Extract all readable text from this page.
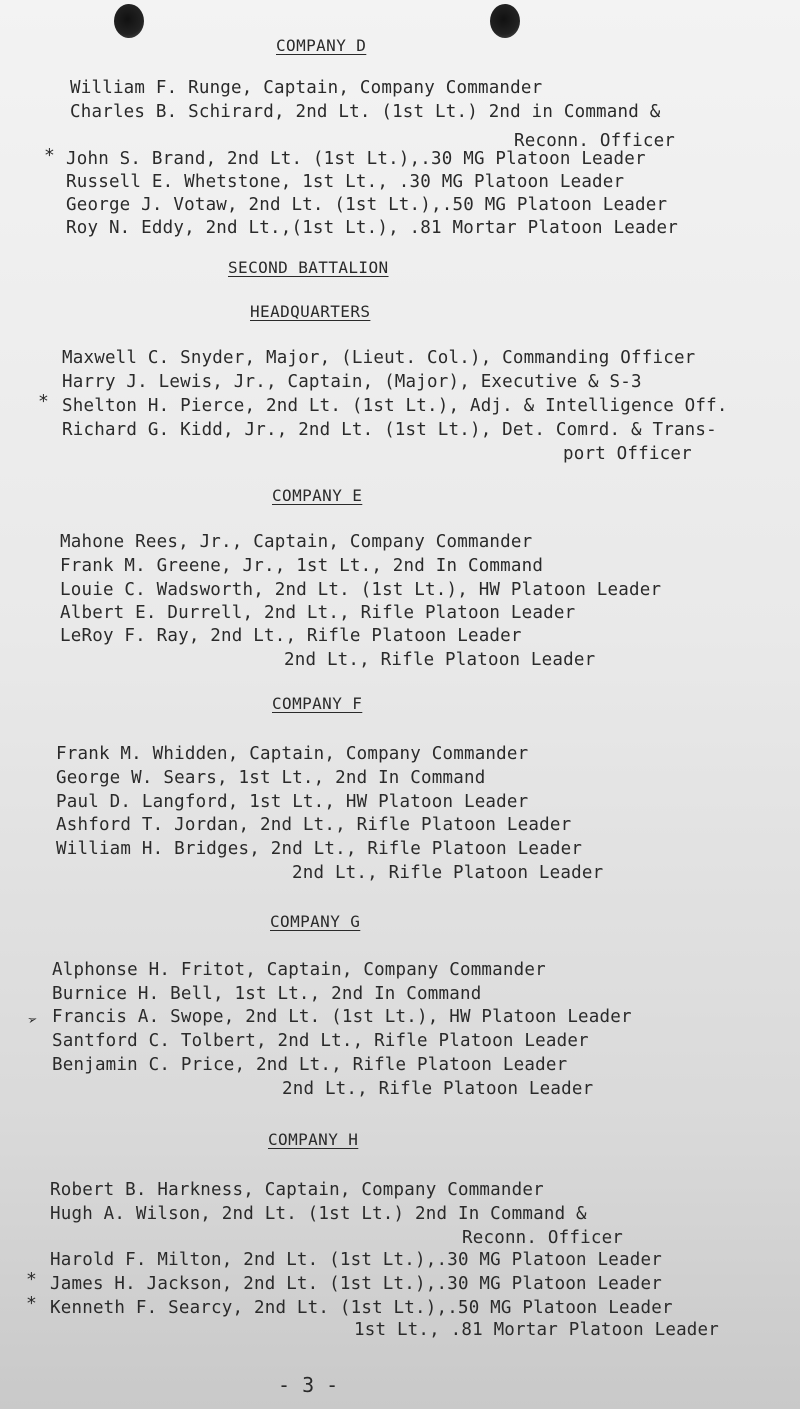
COMPANY D
William F. Runge, Captain, Company Commander
Charles B. Schirard, 2nd Lt. (1st Lt.) 2nd in Command &
Reconn. Officer
* John S. Brand, 2nd Lt. (1st Lt.),.30 MG Platoon Leader
Russell E. Whetstone, 1st Lt., .30 MG Platoon Leader
George J. Votaw, 2nd Lt. (1st Lt.),.50 MG Platoon Leader
Roy N. Eddy, 2nd Lt.,(1st Lt.), .81 Mortar Platoon Leader
SECOND BATTALION
HEADQUARTERS
Maxwell C. Snyder, Major, (Lieut. Col.), Commanding Officer
Harry J. Lewis, Jr., Captain, (Major), Executive & S-3
* Shelton H. Pierce, 2nd Lt. (1st Lt.), Adj. & Intelligence Off.
Richard G. Kidd, Jr., 2nd Lt. (1st Lt.), Det. Comrd. & Trans-
port Officer
COMPANY E
Mahone Rees, Jr., Captain, Company Commander
Frank M. Greene, Jr., 1st Lt., 2nd In Command
Louie C. Wadsworth, 2nd Lt. (1st Lt.), HW Platoon Leader
Albert E. Durrell, 2nd Lt., Rifle Platoon Leader
LeRoy F. Ray, 2nd Lt., Rifle Platoon Leader
2nd Lt., Rifle Platoon Leader
COMPANY F
Frank M. Whidden, Captain, Company Commander
George W. Sears, 1st Lt., 2nd In Command
Paul D. Langford, 1st Lt., HW Platoon Leader
Ashford T. Jordan, 2nd Lt., Rifle Platoon Leader
William H. Bridges, 2nd Lt., Rifle Platoon Leader
2nd Lt., Rifle Platoon Leader
COMPANY G
Alphonse H. Fritot, Captain, Company Commander
Burnice H. Bell, 1st Lt., 2nd In Command
➢ Francis A. Swope, 2nd Lt. (1st Lt.), HW Platoon Leader
Santford C. Tolbert, 2nd Lt., Rifle Platoon Leader
Benjamin C. Price, 2nd Lt., Rifle Platoon Leader
2nd Lt., Rifle Platoon Leader
COMPANY H
Robert B. Harkness, Captain, Company Commander
Hugh A. Wilson, 2nd Lt. (1st Lt.) 2nd In Command &
Reconn. Officer
Harold F. Milton, 2nd Lt. (1st Lt.),.30 MG Platoon Leader
* James H. Jackson, 2nd Lt. (1st Lt.),.30 MG Platoon Leader
* Kenneth F. Searcy, 2nd Lt. (1st Lt.),.50 MG Platoon Leader
1st Lt., .81 Mortar Platoon Leader
- 3 -
